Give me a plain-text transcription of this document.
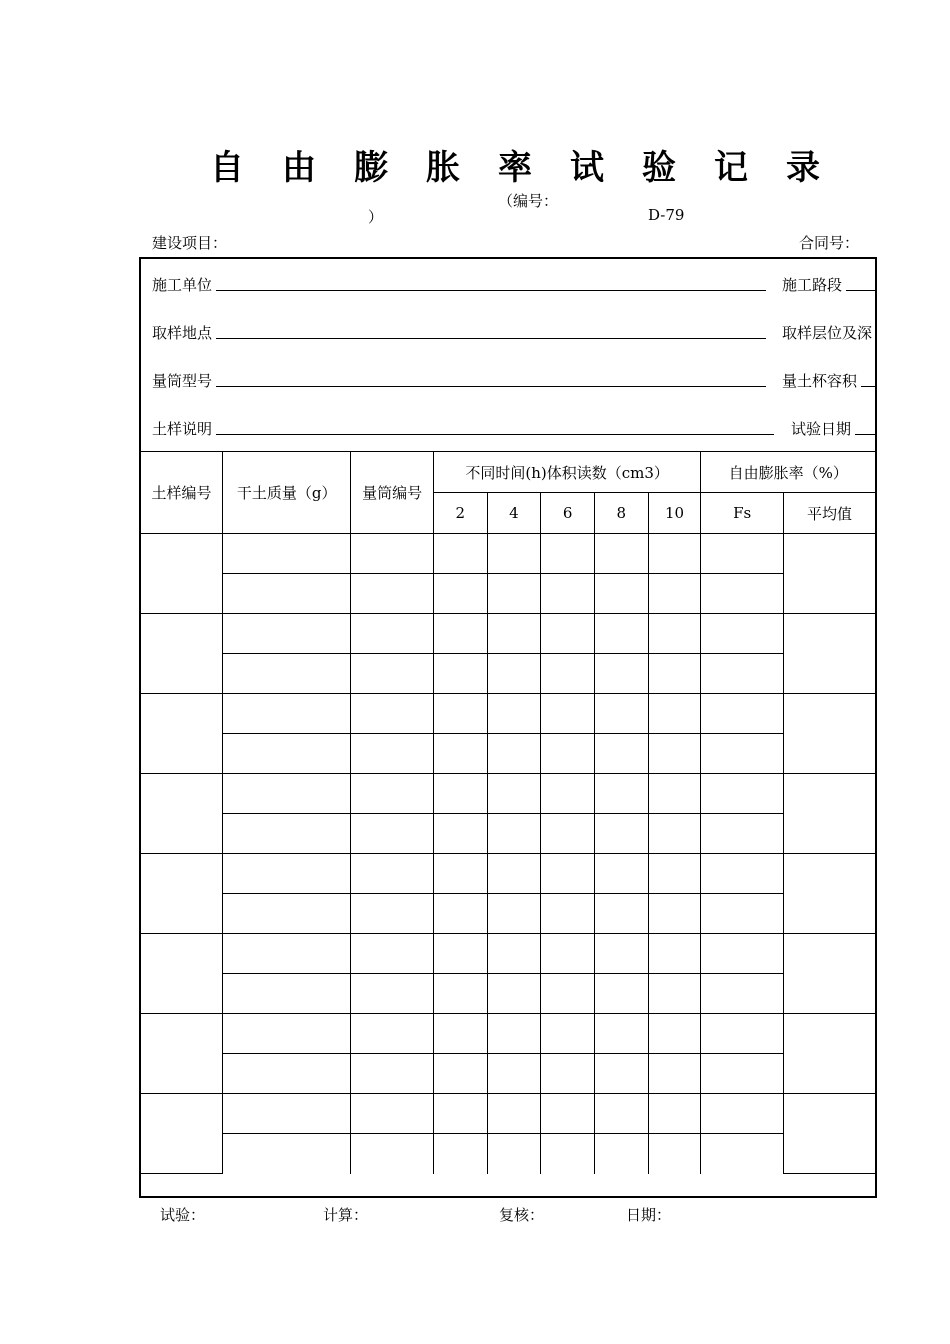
自 由 膨 胀 率 试 验 记 录
（编号：
）	D-79
建设项目：	合同号：
施工单位	施工路段
取样地点	取样层位及深
量筒型号	量土杯容积
土样说明	试验日期
土样编号	干土质量（g）	量筒编号	不同时间(h)体积读数（cm3）					自由膨胀率（%）	
			2	4	6	8	10	Fs	平均值

试验：	计算：	复核：	日期：
